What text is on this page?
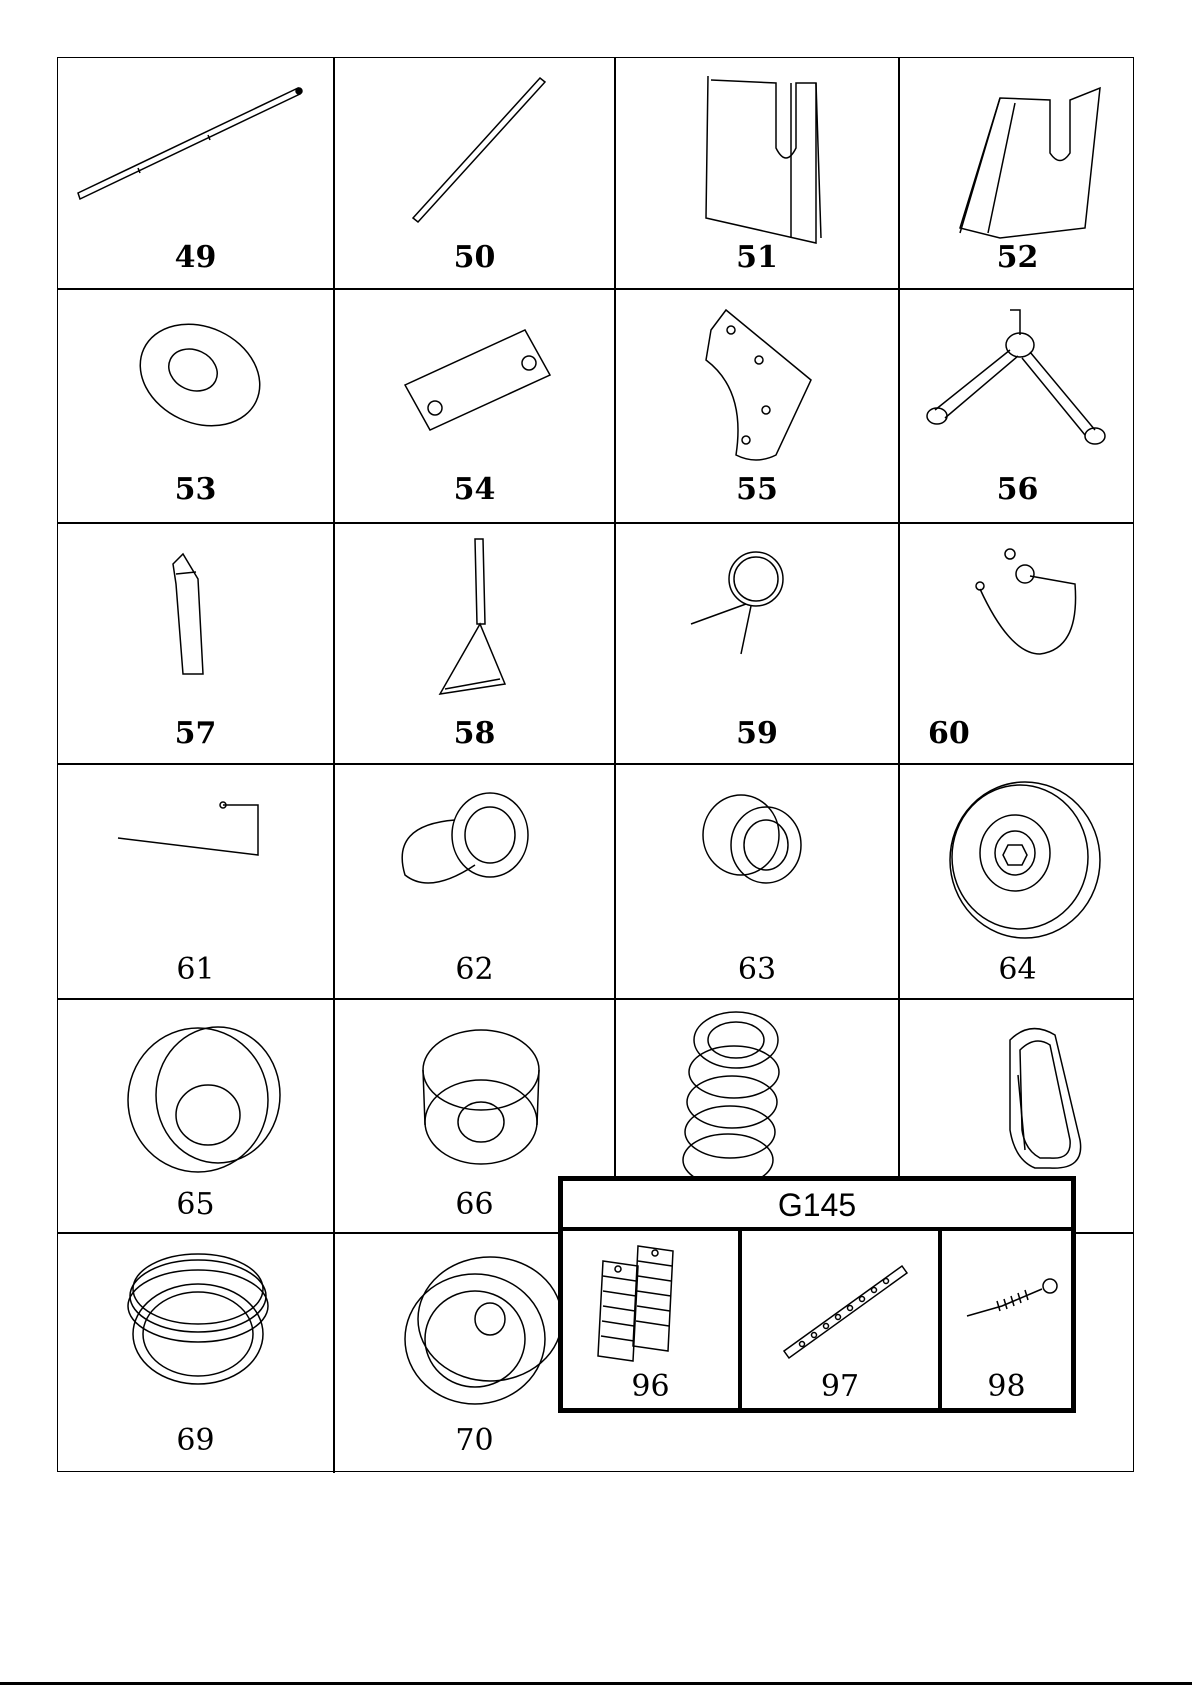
49	50	51	52
53	54	55	56
57	58	59	60
61	62	63	64
65	66
69	70
G145
96	97	98
